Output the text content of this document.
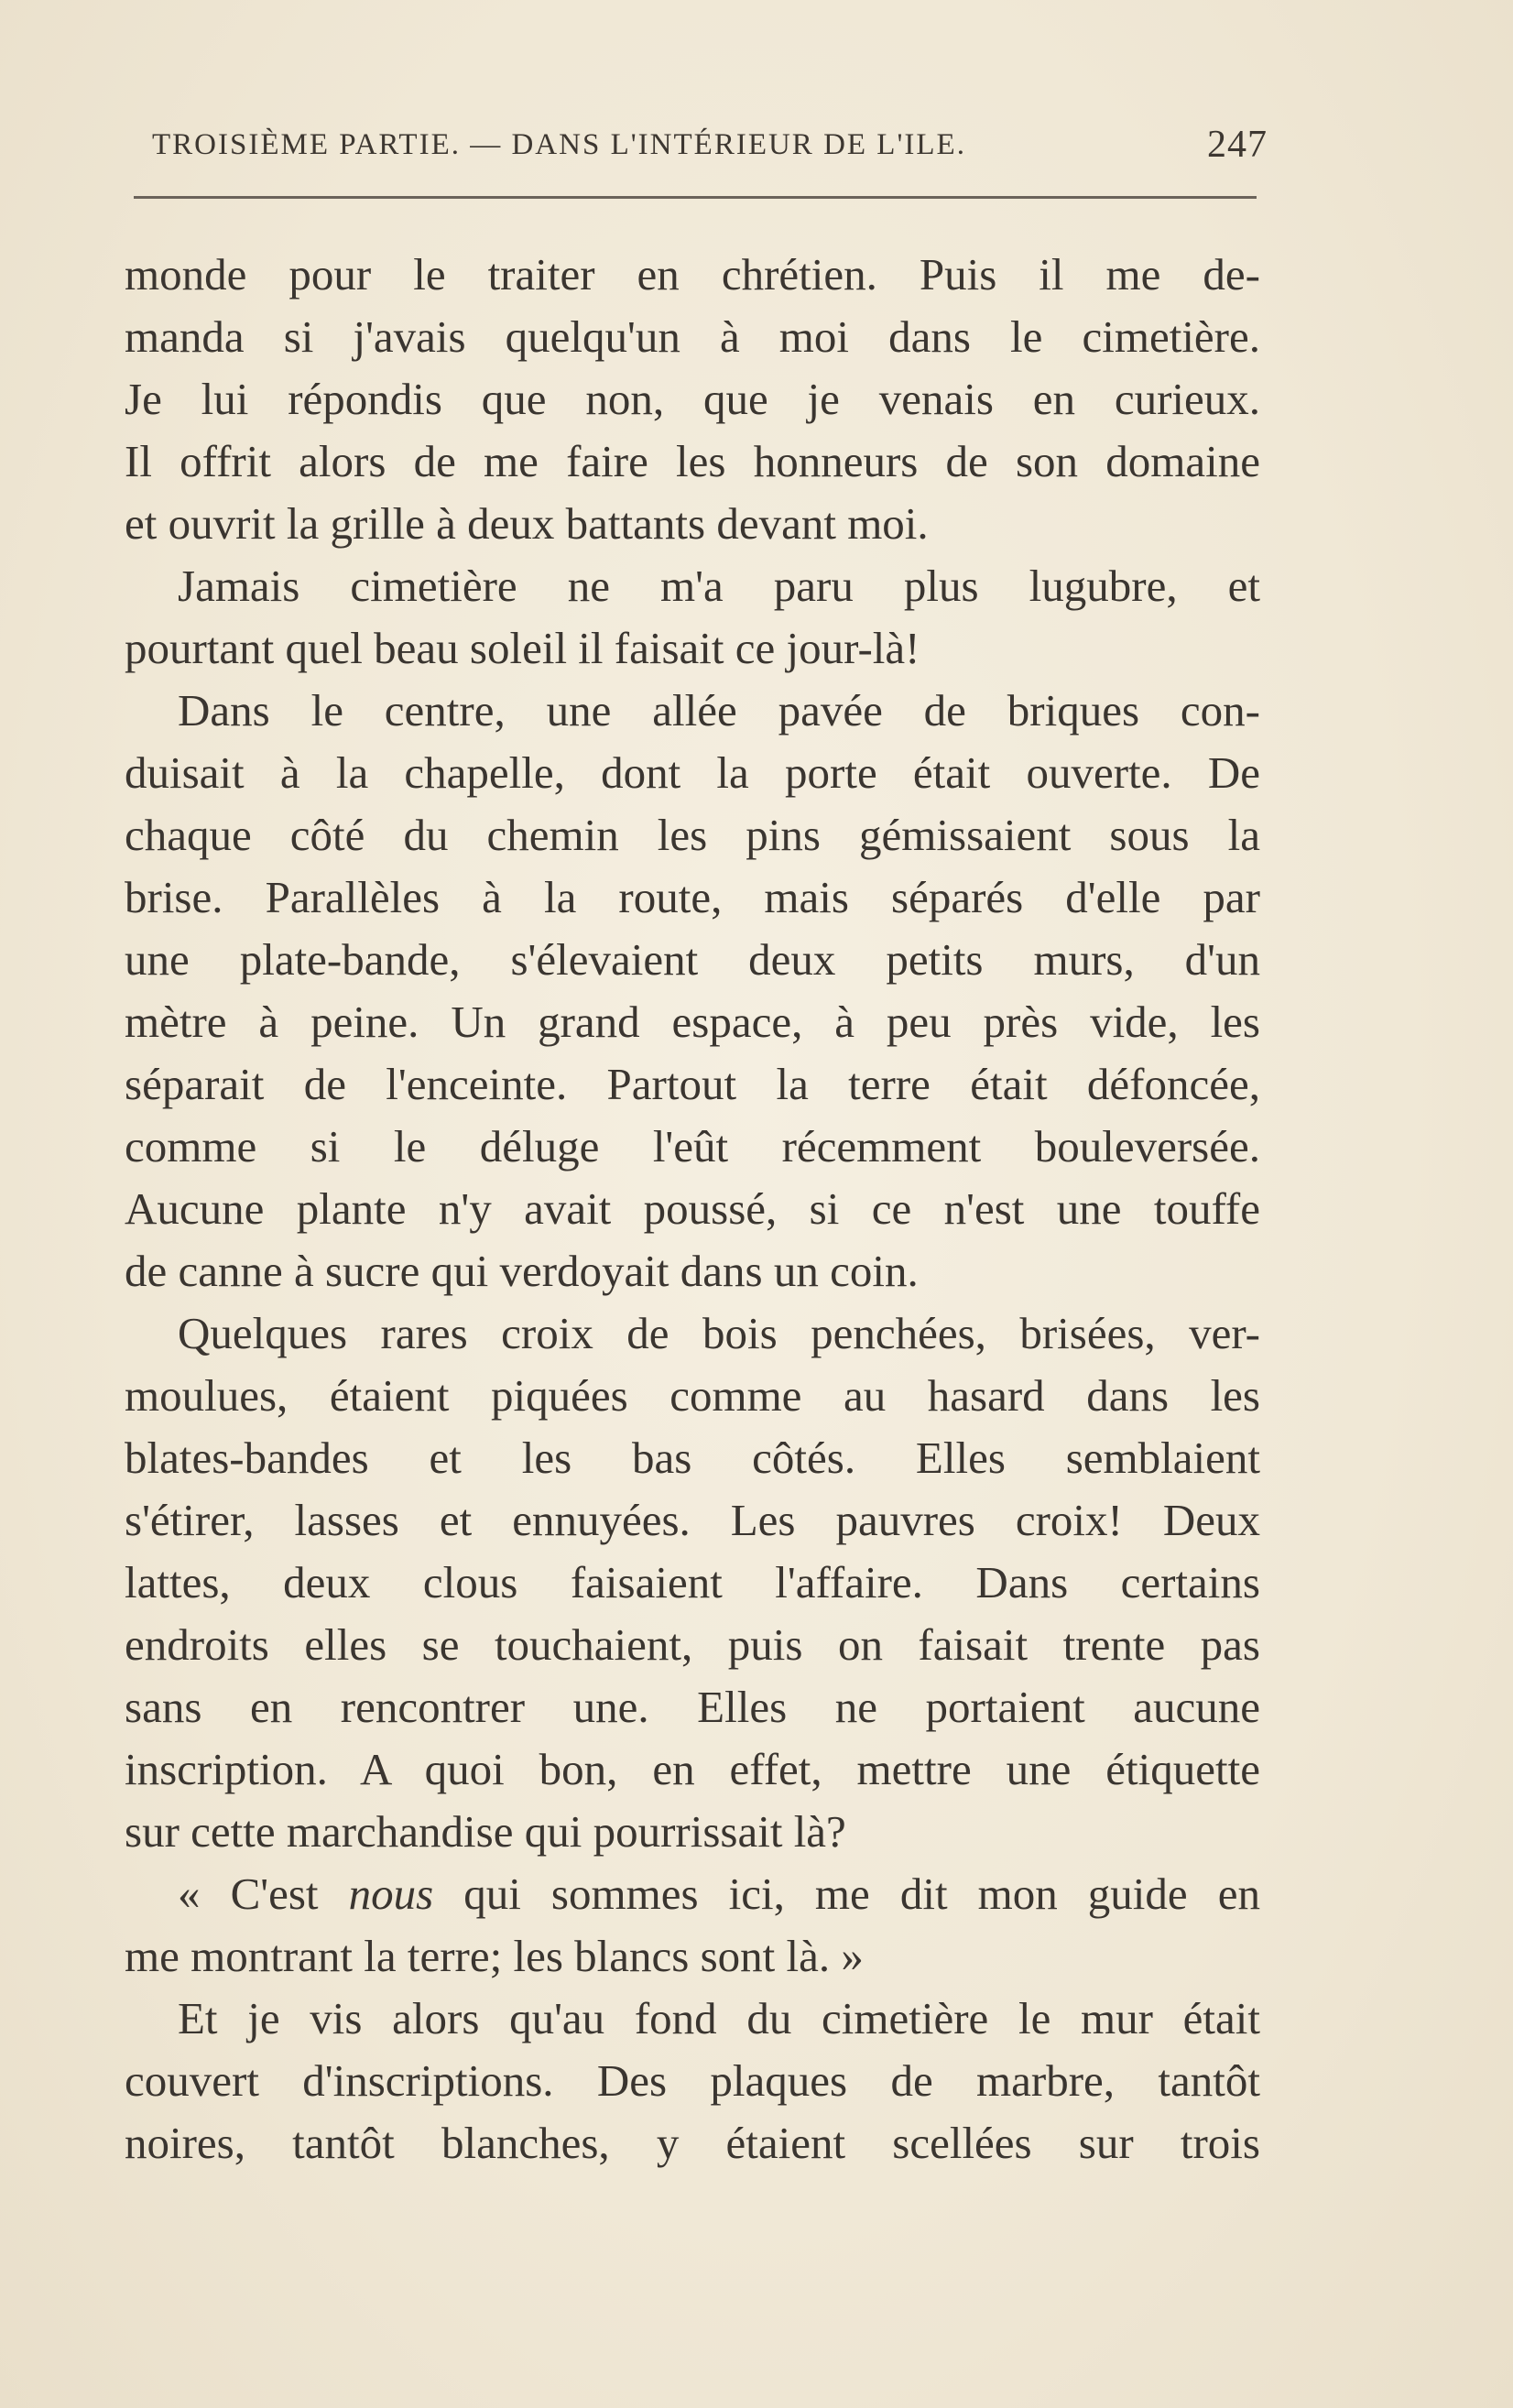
TROISIÈME PARTIE. — DANS L'INTÉRIEUR DE L'ILE.	247
monde pour le traiter en chrétien. Puis il me de-
manda si j'avais quelqu'un à moi dans le cimetière.
Je lui répondis que non, que je venais en curieux.
Il offrit alors de me faire les honneurs de son domaine
et ouvrit la grille à deux battants devant moi.
Jamais cimetière ne m'a paru plus lugubre, et
pourtant quel beau soleil il faisait ce jour-là!
Dans le centre, une allée pavée de briques con-
duisait à la chapelle, dont la porte était ouverte. De
chaque côté du chemin les pins gémissaient sous la
brise. Parallèles à la route, mais séparés d'elle par
une plate-bande, s'élevaient deux petits murs, d'un
mètre à peine. Un grand espace, à peu près vide, les
séparait de l'enceinte. Partout la terre était défoncée,
comme si le déluge l'eût récemment bouleversée.
Aucune plante n'y avait poussé, si ce n'est une touffe
de canne à sucre qui verdoyait dans un coin.
Quelques rares croix de bois penchées, brisées, ver-
moulues, étaient piquées comme au hasard dans les
blates-bandes et les bas côtés. Elles semblaient
s'étirer, lasses et ennuyées. Les pauvres croix! Deux
lattes, deux clous faisaient l'affaire. Dans certains
endroits elles se touchaient, puis on faisait trente pas
sans en rencontrer une. Elles ne portaient aucune
inscription. A quoi bon, en effet, mettre une étiquette
sur cette marchandise qui pourrissait là?
« C'est nous qui sommes ici, me dit mon guide en
me montrant la terre; les blancs sont là. »
Et je vis alors qu'au fond du cimetière le mur était
couvert d'inscriptions. Des plaques de marbre, tantôt
noires, tantôt blanches, y étaient scellées sur trois
